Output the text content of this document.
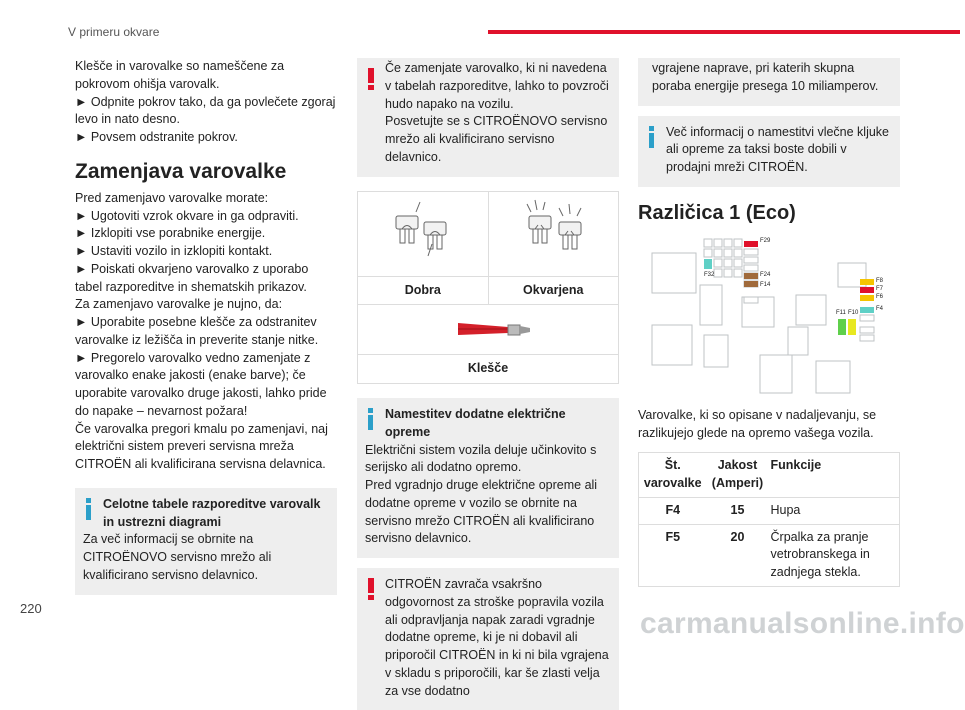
V primeru okvare

Klešče in varovalke so nameščene za pokrovom ohišja varovalk.

► Odpnite pokrov tako, da ga povlečete zgoraj levo in nato desno.

► Povsem odstranite pokrov.

Zamenjava varovalke

Pred zamenjavo varovalke morate:

► Ugotoviti vzrok okvare in ga odpraviti.

► Izklopiti vse porabnike energije.

► Ustaviti vozilo in izklopiti kontakt.

► Poiskati okvarjeno varovalko z uporabo tabel razporeditve in shematskih prikazov.

Za zamenjavo varovalke je nujno, da:

► Uporabite posebne klešče za odstranitev varovalke iz ležišča in preverite stanje nitke.

► Pregorelo varovalko vedno zamenjate z varovalko enake jakosti (enake barve); če uporabite varovalko druge jakosti, lahko pride do napake – nevarnost požara!

Če varovalka pregori kmalu po zamenjavi, naj električni sistem preveri servisna mreža CITROËN ali kvalificirana servisna delavnica.

Celotne tabele razporeditve varovalk in ustrezni diagrami
Za več informacij se obrnite na CITROËNOVO servisno mrežo ali kvalificirano servisno delavnico.
Če zamenjate varovalko, ki ni navedena v tabelah razporeditve, lahko to povzroči hudo napako na vozilu.
Posvetujte se s CITROËNOVO servisno mrežo ali kvalificirano servisno delavnico.
Dobra	Okvarjena
Klešče
Namestitev dodatne električne opreme
Električni sistem vozila deluje učinkovito s serijsko ali dodatno opremo.
Pred vgradnjo druge električne opreme ali dodatne opreme v vozilo se obrnite na servisno mrežo CITROËN ali kvalificirano servisno delavnico.
CITROËN zavrača vsakršno odgovornost za stroške popravila vozila ali odpravljanja napak zaradi vgradnje dodatne opreme, ki je ni dobavil ali priporočil CITROËN in ki ni bila vgrajena v skladu s priporočili, kar še zlasti velja za vse dodatno
vgrajene naprave, pri katerih skupna poraba energije presega 10 miliamperov.
Več informacij o namestitvi vlečne kljuke ali opreme za taksi boste dobili v prodajni mreži CITROËN.
Različica 1 (Eco)
F29
F32	F24
F14
F8
F7
F6
F4
F11 F10

Varovalke, ki so opisane v nadaljevanju, se razlikujejo glede na opremo vašega vozila.

Št. varovalke	Jakost (Amperi)	Funkcije
F4	15	Hupa
F5	20	Črpalka za pranje vetrobranskega in zadnjega stekla.
220	carmanualsonline.info
